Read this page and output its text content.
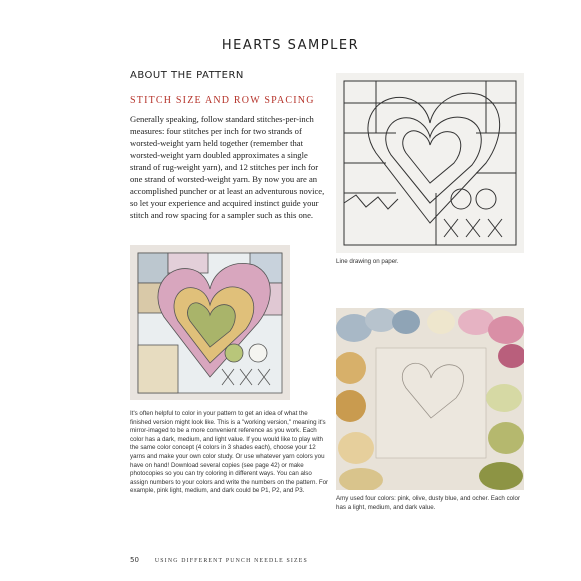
HEARTS SAMPLER
ABOUT THE PATTERN
STITCH SIZE AND ROW SPACING
Generally speaking, follow standard stitches-per-inch measures: four stitches per inch for two strands of worsted-weight yarn held together (remember that worsted-weight yarn doubled approximates a single strand of rug-weight yarn), and 12 stitches per inch for one strand of worsted-weight yarn. By now you are an accomplished puncher or at least an adventurous novice, so let your experience and acquired instinct guide your stitch and row spacing for a sampler such as this one.
Line drawing on paper.
It's often helpful to color in your pattern to get an idea of what the finished version might look like. This is a "working version," meaning it's mirror-imaged to be a more convenient reference as you work. Each color has a dark, medium, and light value. If you would like to play with the same color concept (4 colors in 3 shades each), choose your 12 yarns and make your own color study. Or use whatever yarn colors you have on hand! Download several copies (see page 42) or make photocopies so you can try coloring in different ways. You can also assign numbers to your colors and write the numbers on the pattern. For example, pink light, medium, and dark could be P1, P2, and P3.
Amy used four colors: pink, olive, dusty blue, and ocher. Each color has a light, medium, and dark value.
50	USING DIFFERENT PUNCH NEEDLE SIZES
